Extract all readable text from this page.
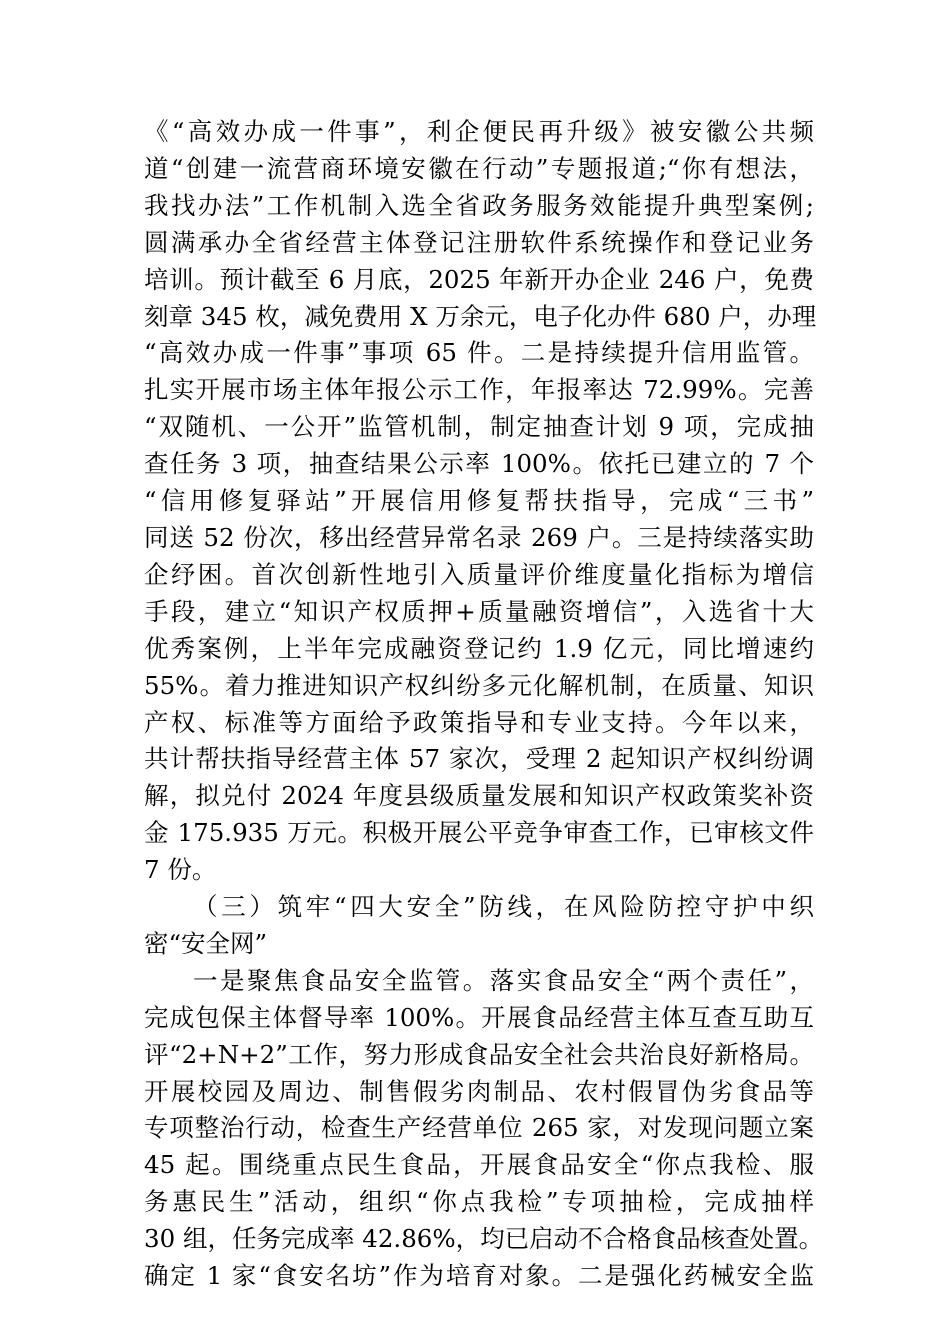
《“高效办成一件事”，利企便民再升级》被安徽公共频
道“创建一流营商环境安徽在行动”专题报道;“你有想法，
我找办法”工作机制入选全省政务服务效能提升典型案例;
圆满承办全省经营主体登记注册软件系统操作和登记业务
培训。预计截至 6 月底，2025 年新开办企业 246 户，免费
刻章 345 枚，减免费用 X 万余元，电子化办件 680 户，办理
“高效办成一件事”事项 65 件。二是持续提升信用监管。
扎实开展市场主体年报公示工作，年报率达 72.99%。完善
“双随机、一公开”监管机制，制定抽查计划 9 项，完成抽
查任务 3 项，抽查结果公示率 100%。依托已建立的 7 个
“信用修复驿站”开展信用修复帮扶指导，完成“三书”
同送 52 份次，移出经营异常名录 269 户。三是持续落实助
企纾困。首次创新性地引入质量评价维度量化指标为增信
手段，建立“知识产权质押+质量融资增信”，入选省十大
优秀案例，上半年完成融资登记约 1.9 亿元，同比增速约
55%。着力推进知识产权纠纷多元化解机制，在质量、知识
产权、标准等方面给予政策指导和专业支持。今年以来，
共计帮扶指导经营主体 57 家次，受理 2 起知识产权纠纷调
解，拟兑付 2024 年度县级质量发展和知识产权政策奖补资
金 175.935 万元。积极开展公平竞争审查工作，已审核文件
7 份。
（三）筑牢“四大安全”防线，在风险防控守护中织
密“安全网”
一是聚焦食品安全监管。落实食品安全“两个责任”，
完成包保主体督导率 100%。开展食品经营主体互查互助互
评“2+N+2”工作，努力形成食品安全社会共治良好新格局。
开展校园及周边、制售假劣肉制品、农村假冒伪劣食品等
专项整治行动，检查生产经营单位 265 家，对发现问题立案
45 起。围绕重点民生食品，开展食品安全“你点我检、服
务惠民生”活动，组织“你点我检”专项抽检，完成抽样
30 组，任务完成率 42.86%，均已启动不合格食品核查处置。
确定 1 家“食安名坊”作为培育对象。二是强化药械安全监
